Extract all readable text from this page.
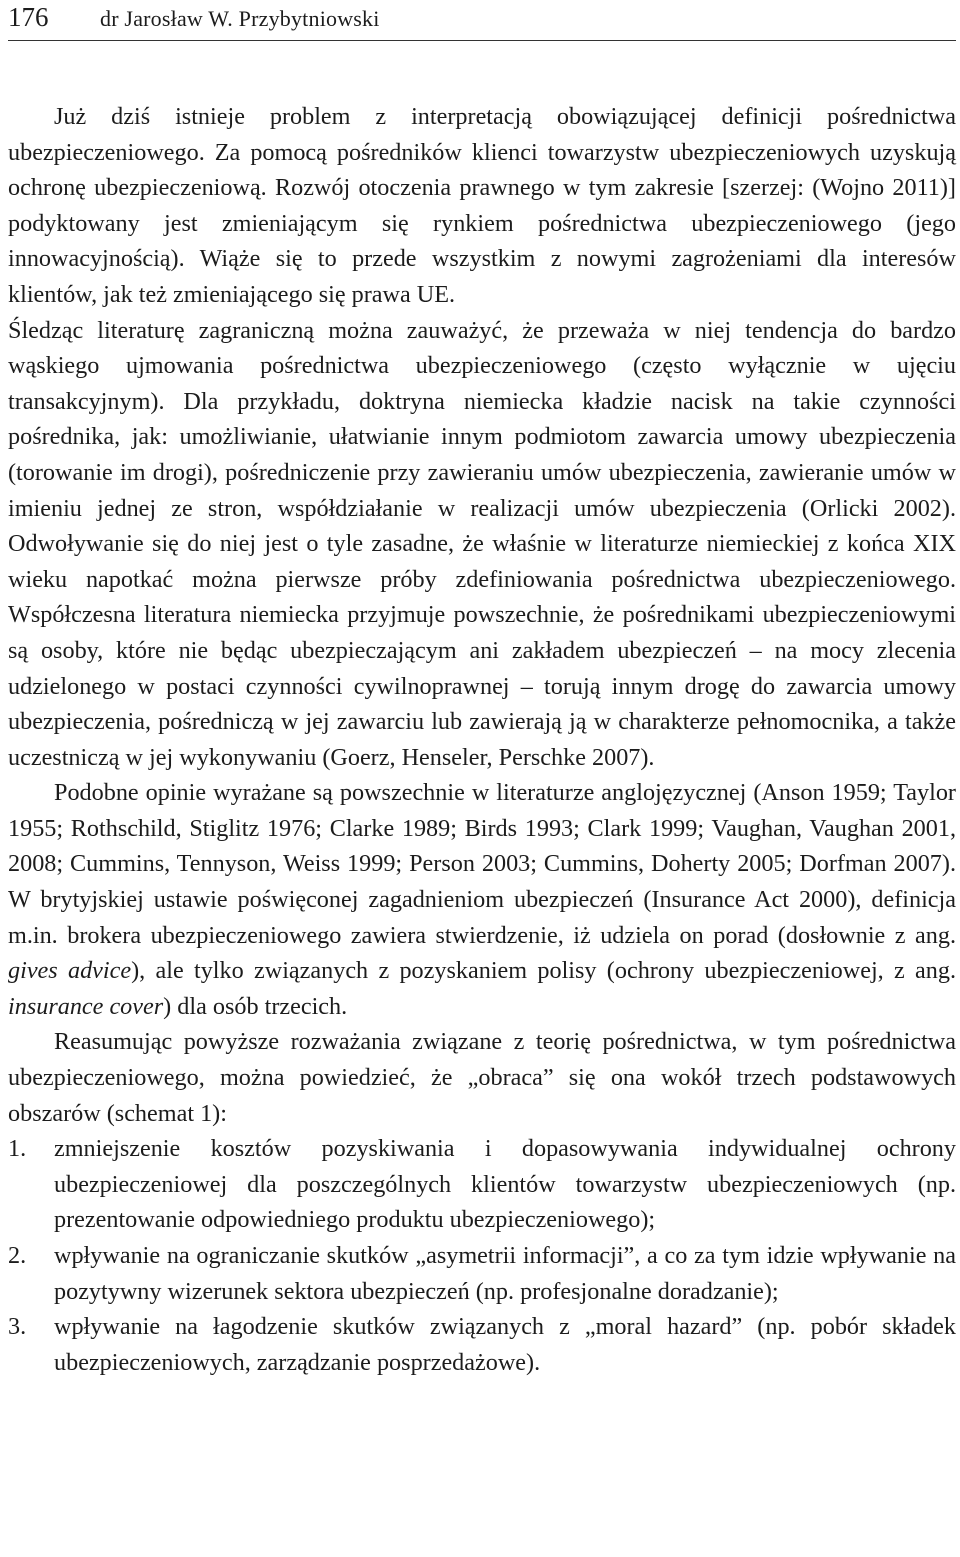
176 dr Jarosław W. Przybytniowski

Już dziś istnieje problem z interpretacją obowiązującej definicji pośrednictwa ubezpieczeniowego. Za pomocą pośredników klienci towarzystw ubezpieczeniowych uzyskują ochronę ubezpieczeniową. Rozwój otoczenia prawnego w tym zakresie [szerzej: (Wojno 2011)] podyktowany jest zmieniającym się rynkiem pośrednictwa ubezpieczeniowego (jego innowacyjnością). Wiąże się to przede wszystkim z nowymi zagrożeniami dla interesów klientów, jak też zmieniającego się prawa UE.

Śledząc literaturę zagraniczną można zauważyć, że przeważa w niej tendencja do bardzo wąskiego ujmowania pośrednictwa ubezpieczeniowego (często wyłącznie w ujęciu transakcyjnym). Dla przykładu, doktryna niemiecka kładzie nacisk na takie czynności pośrednika, jak: umożliwianie, ułatwianie innym podmiotom zawarcia umowy ubezpieczenia (torowanie im drogi), pośredniczenie przy zawieraniu umów ubezpieczenia, zawieranie umów w imieniu jednej ze stron, współdziałanie w realizacji umów ubezpieczenia (Orlicki 2002). Odwoływanie się do niej jest o tyle zasadne, że właśnie w literaturze niemieckiej z końca XIX wieku napotkać można pierwsze próby zdefiniowania pośrednictwa ubezpieczeniowego. Współczesna literatura niemiecka przyjmuje powszechnie, że pośrednikami ubezpieczeniowymi są osoby, które nie będąc ubezpieczającym ani zakładem ubezpieczeń – na mocy zlecenia udzielonego w postaci czynności cywilnoprawnej – torują innym drogę do zawarcia umowy ubezpieczenia, pośredniczą w jej zawarciu lub zawierają ją w charakterze pełnomocnika, a także uczestniczą w jej wykonywaniu (Goerz, Henseler, Perschke 2007).

Podobne opinie wyrażane są powszechnie w literaturze anglojęzycznej (Anson 1959; Taylor 1955; Rothschild, Stiglitz 1976; Clarke 1989; Birds 1993; Clark 1999; Vaughan, Vaughan 2001, 2008; Cummins, Tennyson, Weiss 1999; Person 2003; Cummins, Doherty 2005; Dorfman 2007). W brytyjskiej ustawie poświęconej zagadnieniom ubezpieczeń (Insurance Act 2000), definicja m.in. brokera ubezpieczeniowego zawiera stwierdzenie, iż udziela on porad (dosłownie z ang. gives advice), ale tylko związanych z pozyskaniem polisy (ochrony ubezpieczeniowej, z ang. insurance cover) dla osób trzecich.

Reasumując powyższe rozważania związane z teorię pośrednictwa, w tym pośrednictwa ubezpieczeniowego, można powiedzieć, że „obraca” się ona wokół trzech podstawowych obszarów (schemat 1):

1. zmniejszenie kosztów pozyskiwania i dopasowywania indywidualnej ochrony ubezpieczeniowej dla poszczególnych klientów towarzystw ubezpieczeniowych (np. prezentowanie odpowiedniego produktu ubezpieczeniowego);
2. wpływanie na ograniczanie skutków „asymetrii informacji”, a co za tym idzie wpływanie na pozytywny wizerunek sektora ubezpieczeń (np. profesjonalne doradzanie);
3. wpływanie na łagodzenie skutków związanych z „moral hazard” (np. pobór składek ubezpieczeniowych, zarządzanie posprzedażowe).
